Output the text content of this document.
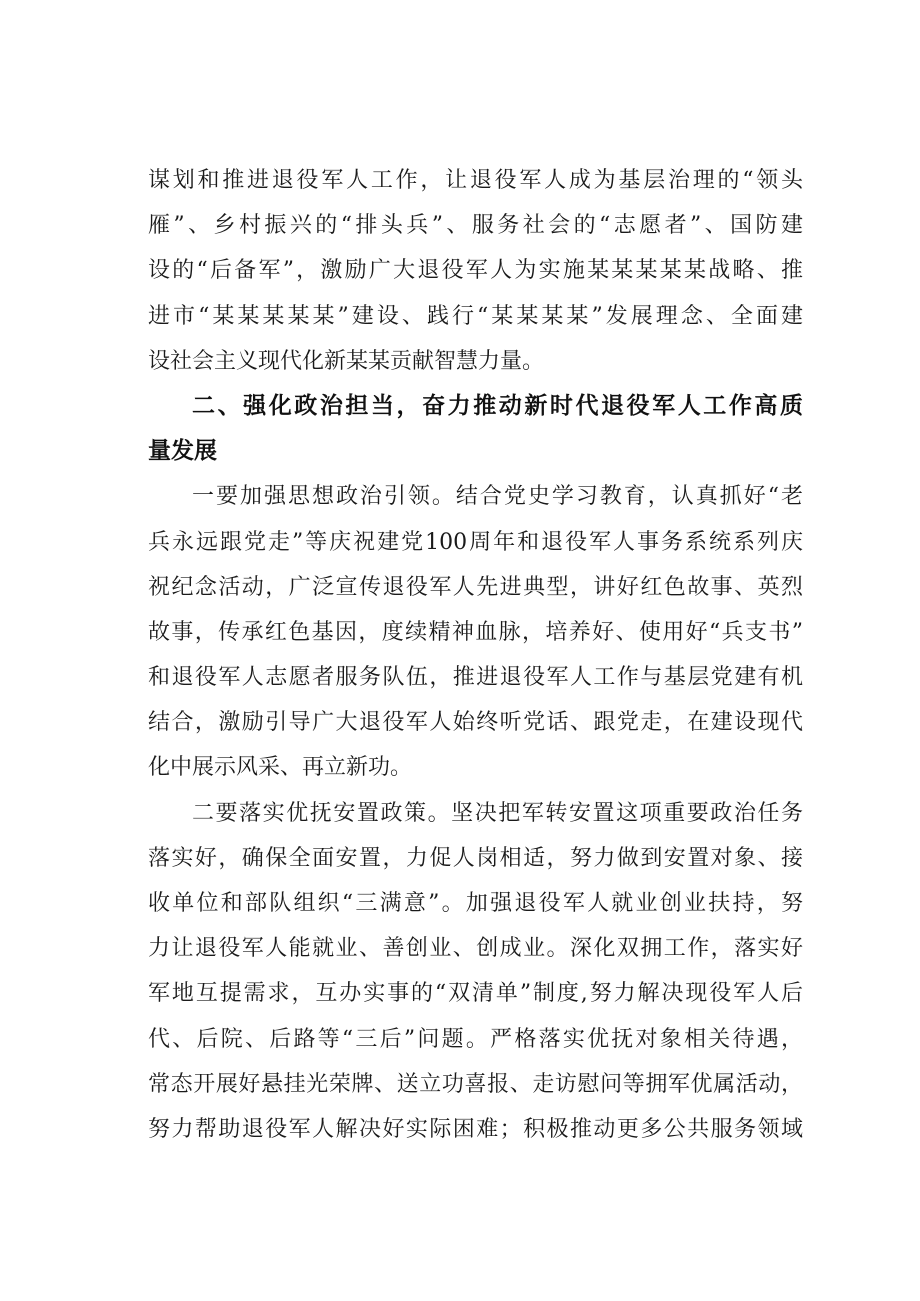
谋划和推进退役军人工作，让退役军人成为基层治理的“领头
雁”、乡村振兴的“排头兵”、服务社会的“志愿者”、国防建
设的“后备军”，激励广大退役军人为实施某某某某某战略、推
进市“某某某某某”建设、践行“某某某某”发展理念、全面建
设社会主义现代化新某某贡献智慧力量。
二、强化政治担当，奋力推动新时代退役军人工作高质
量发展
一要加强思想政治引领。结合党史学习教育，认真抓好“老
兵永远跟党走”等庆祝建党100周年和退役军人事务系统系列庆
祝纪念活动，广泛宣传退役军人先进典型，讲好红色故事、英烈
故事，传承红色基因，度续精神血脉，培养好、使用好“兵支书”
和退役军人志愿者服务队伍，推进退役军人工作与基层党建有机
结合，激励引导广大退役军人始终听党话、跟党走，在建设现代
化中展示风采、再立新功。
二要落实优抚安置政策。坚决把军转安置这项重要政治任务
落实好，确保全面安置，力促人岗相适，努力做到安置对象、接
收单位和部队组织“三满意”。加强退役军人就业创业扶持，努
力让退役军人能就业、善创业、创成业。深化双拥工作，落实好
军地互提需求，互办实事的“双清单”制度,努力解决现役军人后
代、后院、后路等“三后”问题。严格落实优抚对象相关待遇，
常态开展好悬挂光荣牌、送立功喜报、走访慰问等拥军优属活动，
努力帮助退役军人解决好实际困难；积极推动更多公共服务领域
